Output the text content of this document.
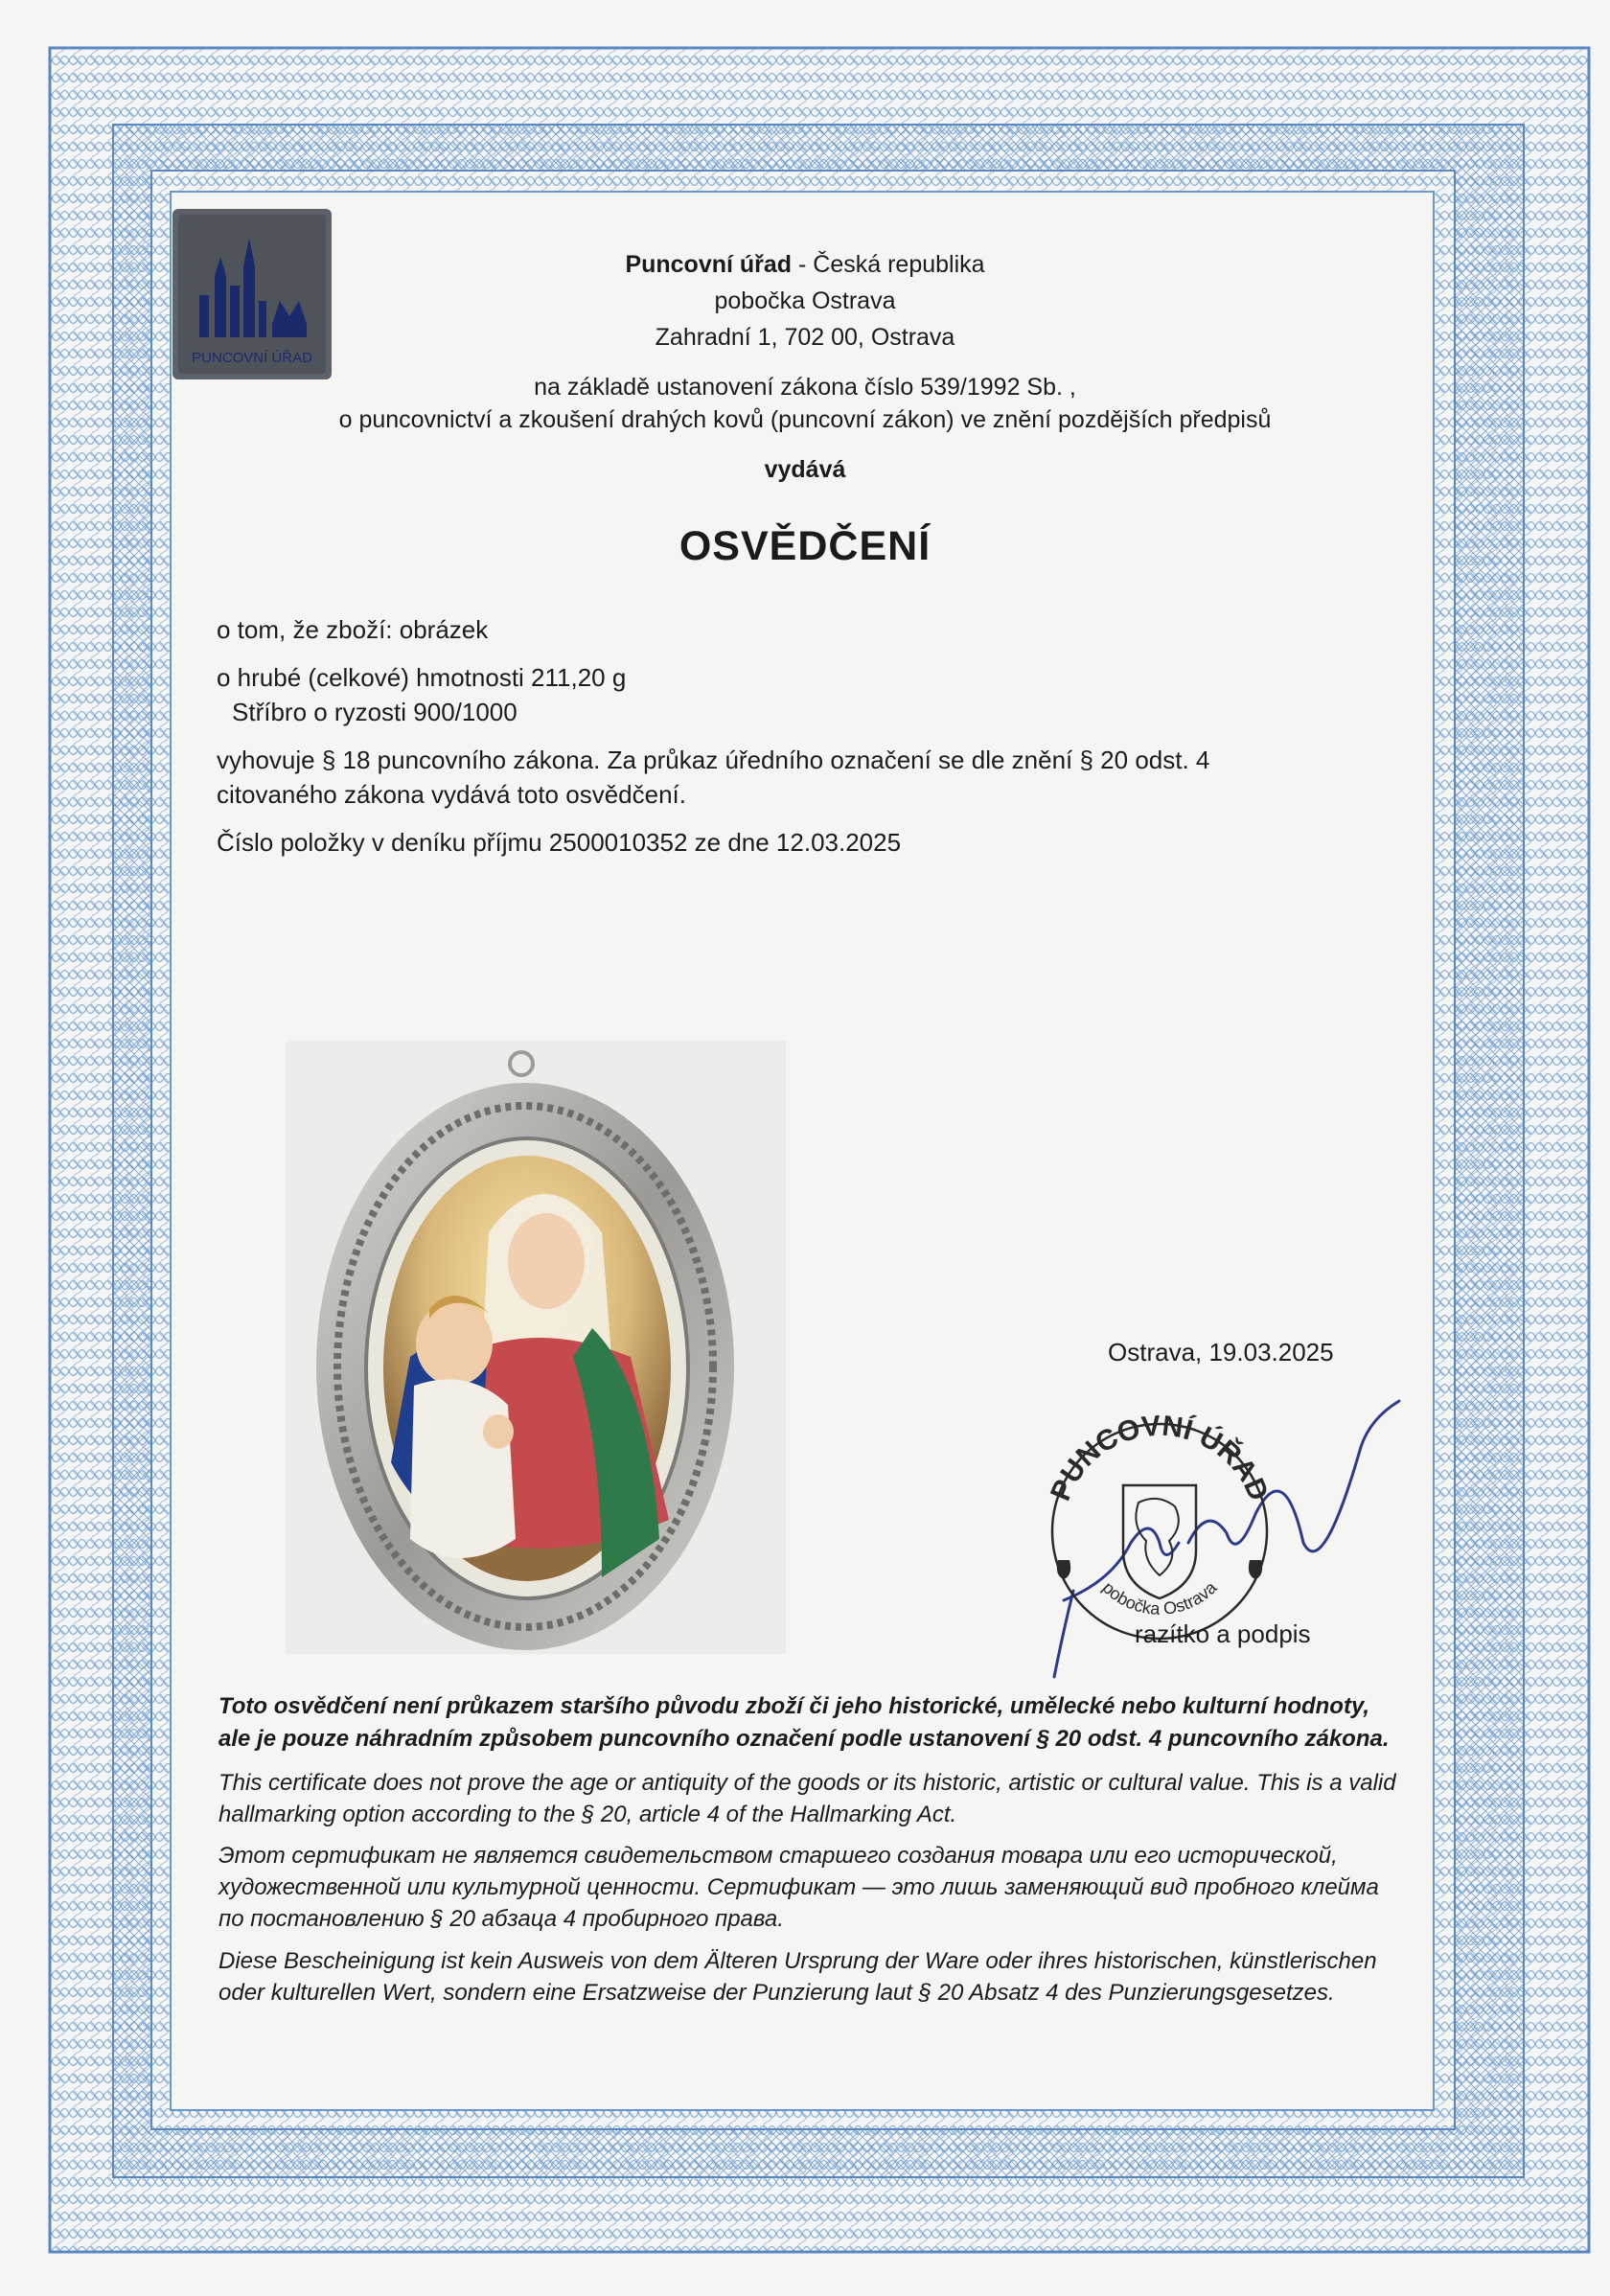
PUNCOVNÍ ÚŘAD
Puncovní úřad - Česká republika
pobočka Ostrava
Zahradní 1, 702 00, Ostrava
na základě ustanovení zákona číslo 539/1992 Sb. ,
o puncovnictví a zkoušení drahých kovů (puncovní zákon) ve znění pozdějších předpisů
vydává
OSVĚDČENÍ
o tom, že zboží: obrázek
o hrubé (celkové) hmotnosti 211,20 g
Stříbro o ryzosti 900/1000
vyhovuje § 18 puncovního zákona. Za průkaz úředního označení se dle znění § 20 odst. 4
citovaného zákona vydává toto osvědčení.
Číslo položky v deníku příjmu 2500010352 ze dne 12.03.2025
Ostrava, 19.03.2025
PUNCOVNÍ ÚŘAD
pobočka Ostrava
razítko a podpis
Toto osvědčení není průkazem staršího původu zboží či jeho historické, umělecké nebo kulturní hodnoty, ale je pouze náhradním způsobem puncovního označení podle ustanovení § 20 odst. 4 puncovního zákona.
This certificate does not prove the age or antiquity of the goods or its historic, artistic or cultural value. This is a valid hallmarking option according to the § 20, article 4 of the Hallmarking Act.
Этот сертификат не является свидетельством старшего создания товара или его исторической, художественной или культурной ценности. Сертификат — это лишь заменяющий вид пробного клейма по постановлению § 20 абзаца 4 пробирного права.
Diese Bescheinigung ist kein Ausweis von dem Älteren Ursprung der Ware oder ihres historischen, künstlerischen oder kulturellen Wert, sondern eine Ersatzweise der Punzierung laut § 20 Absatz 4 des Punzierungsgesetzes.
